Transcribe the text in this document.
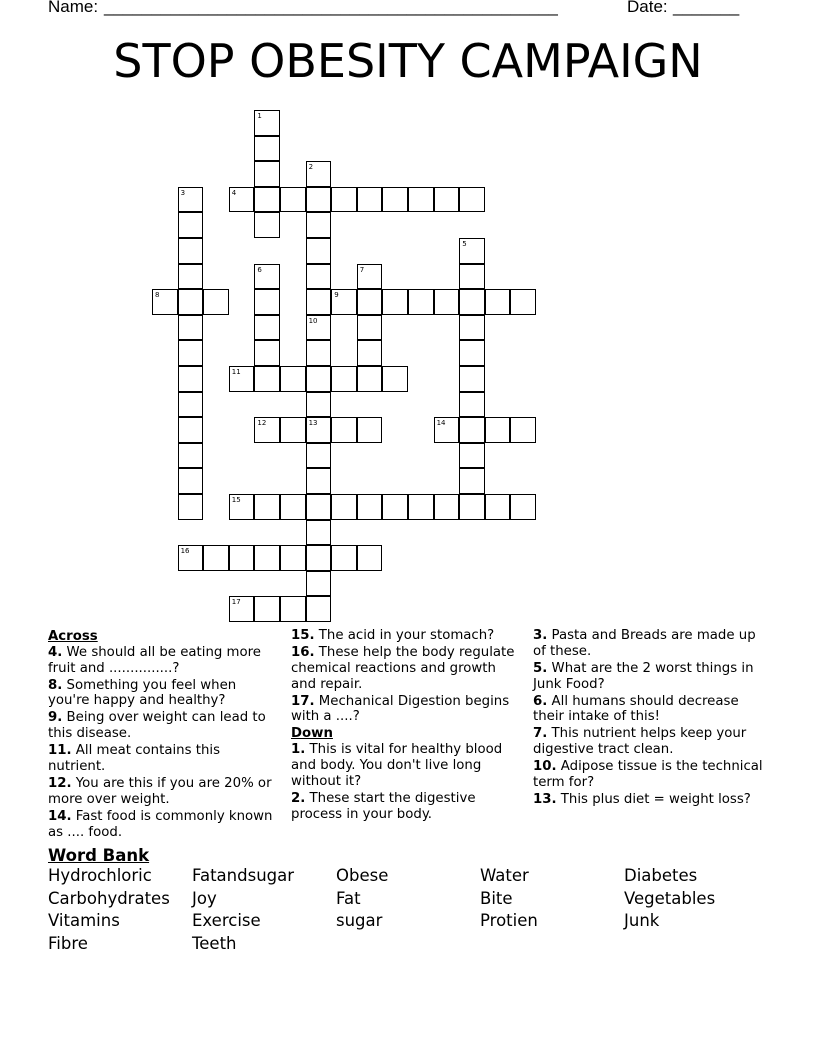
Name: ________________________________________________	Date: _______
STOP OBESITY CAMPAIGN
1
2
10
13
3	4
5
6	7
8	9
11
12	14
15
16
17
Across

4. We should all be eating more fruit and ...............?

8. Something you feel when you're happy and healthy?

9. Being over weight can lead to this disease.

11. All meat contains this nutrient.

12. You are this if you are 20% or more over weight.

14. Fast food is commonly known as .... food.

15. The acid in your stomach?

16. These help the body regulate chemical reactions and growth and repair.

17. Mechanical Digestion begins with a ....?

Down

1. This is vital for healthy blood and body. You don't live long without it?

2. These start the digestive process in your body.

3. Pasta and Breads are made up of these.

5. What are the 2 worst things in Junk Food?

6. All humans should decrease their intake of this!

7. This nutrient helps keep your digestive tract clean.

10. Adipose tissue is the technical term for?

13. This plus diet = weight loss?

Word Bank
Hydrochloric Fatandsugar	Obese	Water	Diabetes
Carbohydrates Joy	Fat	Bite	Vegetables
Vitamins	Exercise	sugar	Protien	Junk
Fibre	Teeth
